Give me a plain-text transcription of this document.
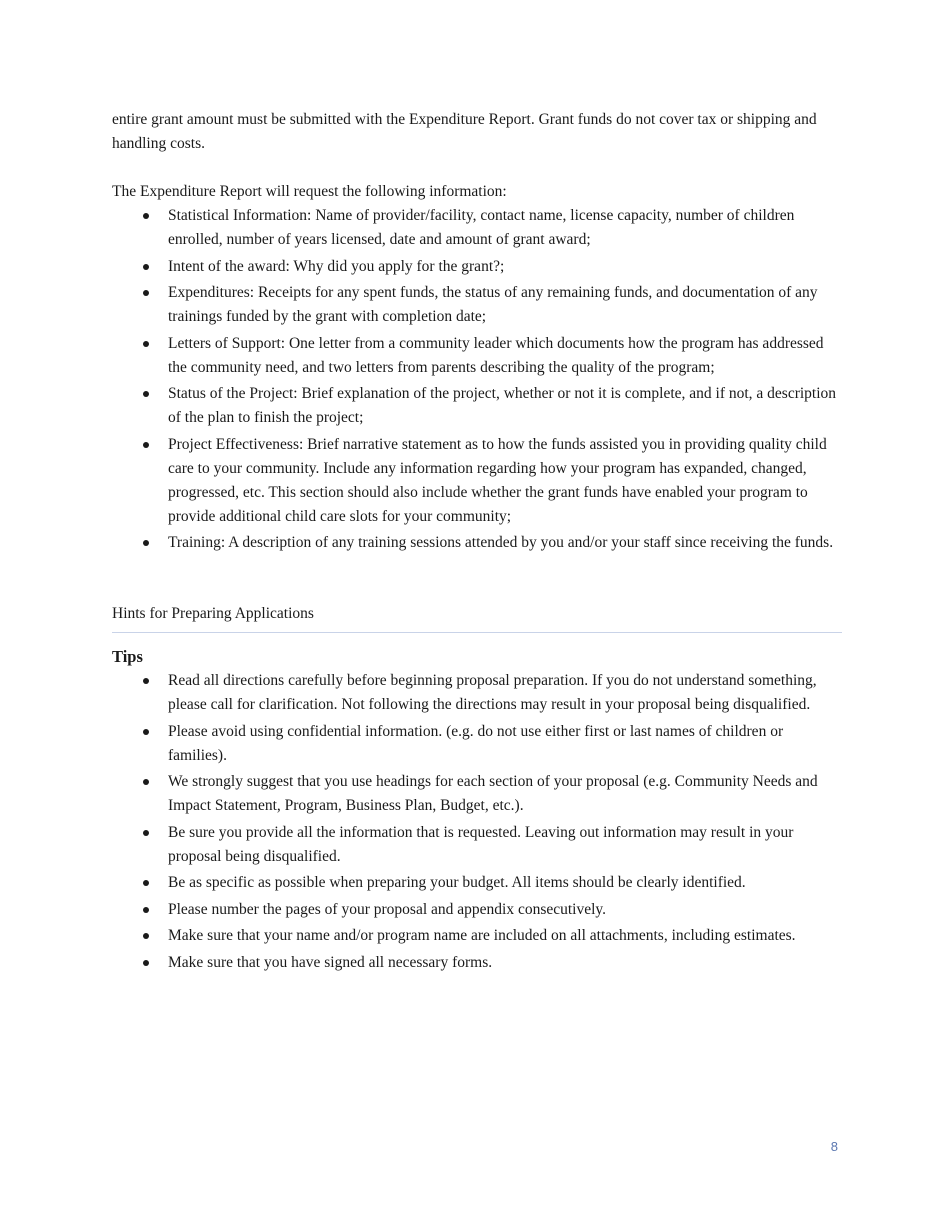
entire grant amount must be submitted with the Expenditure Report. Grant funds do not cover tax or shipping and handling costs.

The Expenditure Report will request the following information:

Statistical Information: Name of provider/facility, contact name, license capacity, number of children enrolled, number of years licensed, date and amount of grant award;
Intent of the award: Why did you apply for the grant?;
Expenditures: Receipts for any spent funds, the status of any remaining funds, and documentation of any trainings funded by the grant with completion date;
Letters of Support: One letter from a community leader which documents how the program has addressed the community need, and two letters from parents describing the quality of the program;
Status of the Project: Brief explanation of the project, whether or not it is complete, and if not, a description of the plan to finish the project;
Project Effectiveness: Brief narrative statement as to how the funds assisted you in providing quality child care to your community. Include any information regarding how your program has expanded, changed, progressed, etc. This section should also include whether the grant funds have enabled your program to provide additional child care slots for your community;
Training: A description of any training sessions attended by you and/or your staff since receiving the funds.
Hints for Preparing Applications
Tips
Read all directions carefully before beginning proposal preparation. If you do not understand something, please call for clarification. Not following the directions may result in your proposal being disqualified.
Please avoid using confidential information. (e.g. do not use either first or last names of children or families).
We strongly suggest that you use headings for each section of your proposal (e.g. Community Needs and Impact Statement, Program, Business Plan, Budget, etc.).
Be sure you provide all the information that is requested. Leaving out information may result in your proposal being disqualified.
Be as specific as possible when preparing your budget. All items should be clearly identified.
Please number the pages of your proposal and appendix consecutively.
Make sure that your name and/or program name are included on all attachments, including estimates.
Make sure that you have signed all necessary forms.
8
